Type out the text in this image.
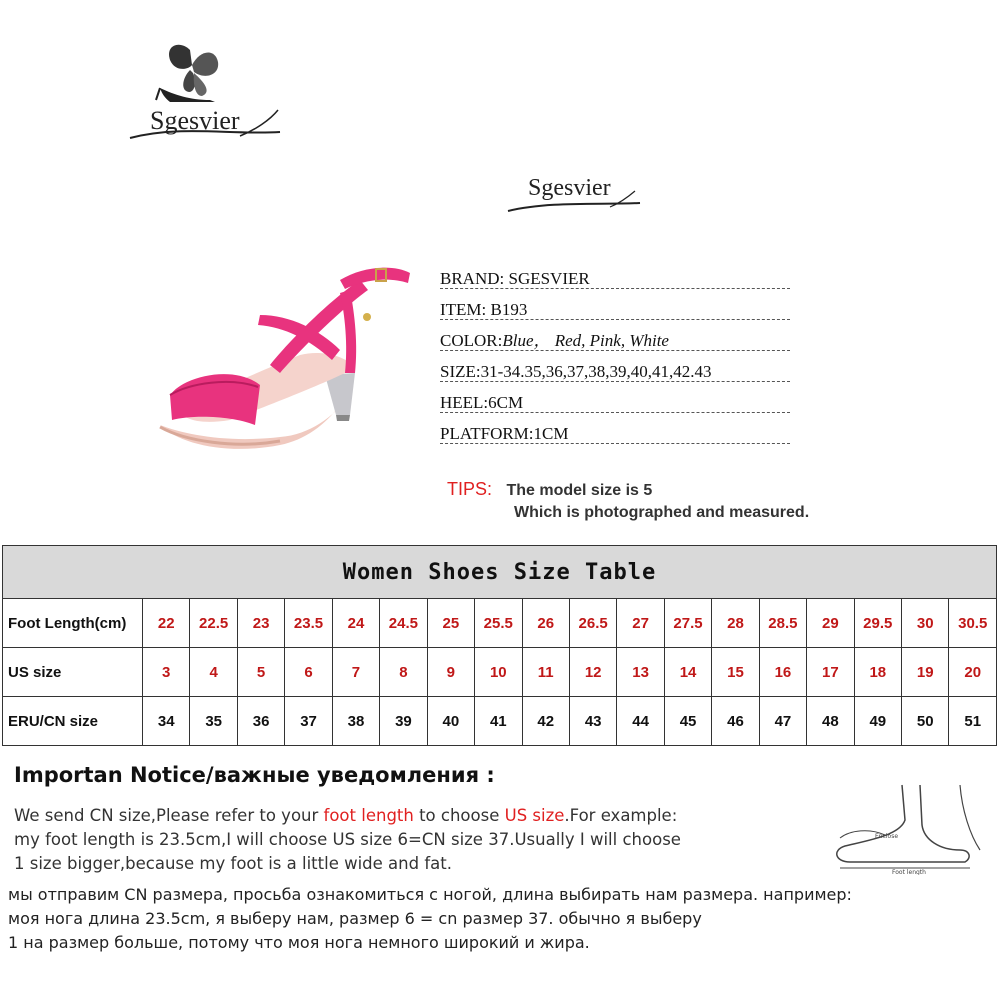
Sgesvier
Sgesvier
BRAND: SGESVIER
ITEM: B193
COLOR:Blue， Red, Pink, White
SIZE:31-34.35,36,37,38,39,40,41,42.43
HEEL:6CM
PLATFORM:1CM
TIPS: The model size is 5
Which is photographed and measured.
Women Shoes Size Table																		
Foot Length(cm)	22	22.5	23	23.5	24	24.5	25	25.5	26	26.5	27	27.5	28	28.5	29	29.5	30	30.5
US size	3	4	5	6	7	8	9	10	11	12	13	14	15	16	17	18	19	20
ERU/CN size	34	35	36	37	38	39	40	41	42	43	44	45	46	47	48	49	50	51
Importan Notice/важные уведомления :
We send CN size,Please refer to your foot length to choose US size.For example:
my foot length is 23.5cm,I will choose US size 6=CN size 37.Usually I will choose
1 size bigger,because my foot is a little wide and fat.
мы отправим CN размера, просьба ознакомиться с ногой, длина выбирать нам размера. например:
моя нога длина 23.5cm, я выберу нам, размер 6 = cn размер 37. обычно я выберу
1 на размер больше, потому что моя нога немного широкий и жира.
Enclose
Foot length
